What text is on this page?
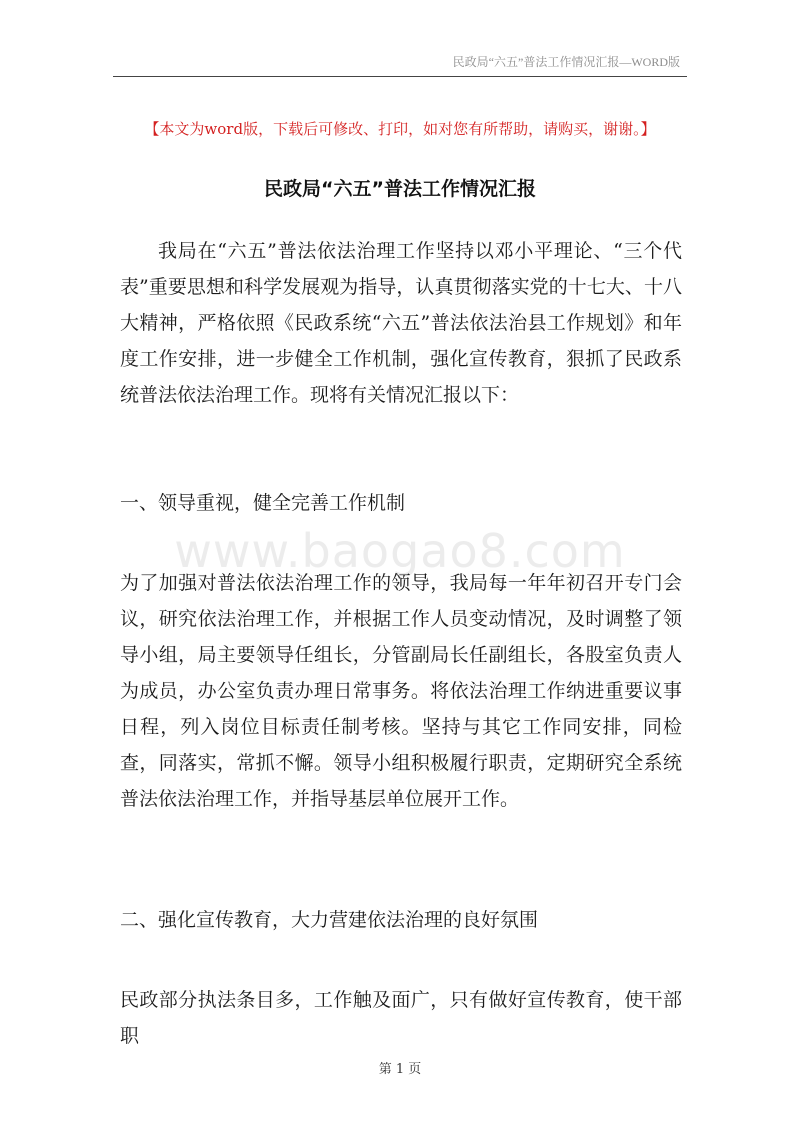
民政局“六五”普法工作情况汇报—WORD版
【本文为word版，下载后可修改、打印，如对您有所帮助，请购买，谢谢。】
民政局“六五”普法工作情况汇报

我局在“六五”普法依法治理工作坚持以邓小平理论、“三个代表”重要思想和科学发展观为指导，认真贯彻落实党的十七大、十八大精神，严格依照《民政系统“六五”普法依法治县工作规划》和年度工作安排，进一步健全工作机制，强化宣传教育，狠抓了民政系统普法依法治理工作。现将有关情况汇报以下：

一、领导重视，健全完善工作机制

www.baogao8.com

为了加强对普法依法治理工作的领导，我局每一年年初召开专门会议，研究依法治理工作，并根据工作人员变动情况，及时调整了领导小组，局主要领导任组长，分管副局长任副组长，各股室负责人为成员，办公室负责办理日常事务。将依法治理工作纳进重要议事日程，列入岗位目标责任制考核。坚持与其它工作同安排，同检查，同落实，常抓不懈。领导小组积极履行职责，定期研究全系统普法依法治理工作，并指导基层单位展开工作。

二、强化宣传教育，大力营建依法治理的良好氛围

民政部分执法条目多，工作触及面广，只有做好宣传教育，使干部职

第 1 页
